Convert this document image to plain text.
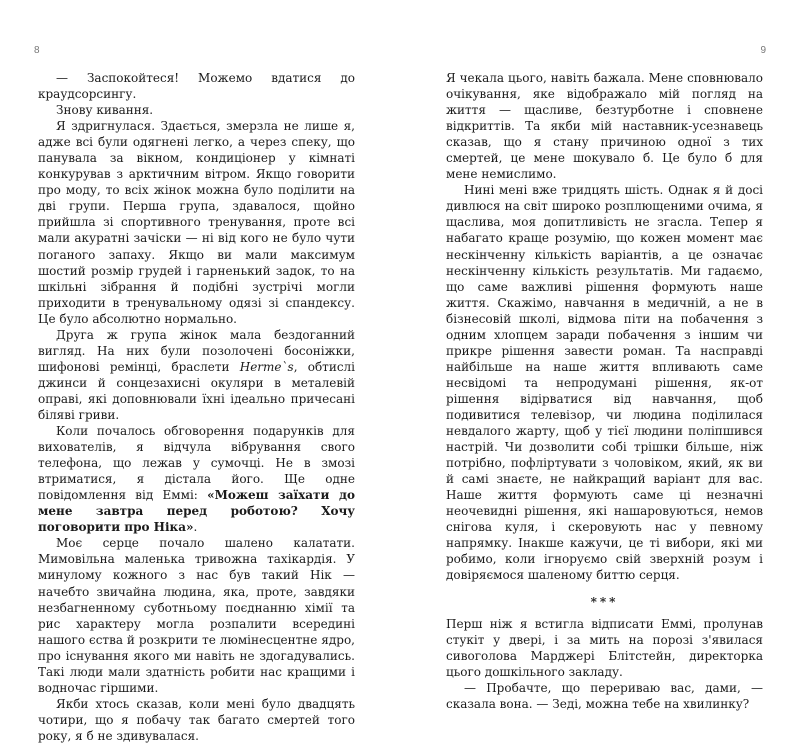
8

— Заспокойтеся! Можемо вдатися до краудсорсингу.

Знову кивання.

Я здригнулася. Здається, змерзла не лише я, адже всі були одягнені легко, а через спеку, що панувала за вікном, кондиціонер у кімнаті конкурував з арктичним вітром. Якщо говорити про моду, то всіх жінок можна було поділити на дві групи. Перша група, здавалося, щойно прийшла зі спортивного тренування, проте всі мали акуратні зачіски — ні від кого не було чути поганого запаху. Якщо ви мали максимум шостий розмір грудей і гарненький задок, то на шкільні зібрання й подібні зустрічі могли приходити в тренувальному одязі зі спандексу. Це було абсолютно нормально.

Друга ж група жінок мала бездоганний вигляд. На них були позолочені босоніжки, шифонові ремінці, браслети Herme`s, обтислі джинси й сонцезахисні окуляри в металевій оправі, які доповнювали їхні ідеально причесані біляві гриви.

Коли почалось обговорення подарунків для вихователів, я відчула вібрування свого телефона, що лежав у сумочці. Не в змозі втриматися, я дістала його. Ще одне повідомлення від Еммі: «Можеш заїхати до мене завтра перед роботою? Хочу поговорити про Ніка».

Моє серце почало шалено калатати. Мимовільна маленька тривожна тахікардія. У минулому кожного з нас був такий Нік — начебто звичайна людина, яка, проте, завдяки незбагненному суботньому поєднанню хімії та рис характеру могла розпалити всередині нашого єства й розкрити те люмінесцентне ядро, про існування якого ми навіть не здогадувались. Такі люди мали здатність робити нас кращими і водночас гіршими.

Якби хтось сказав, коли мені було двадцять чотири, що я побачу так багато смертей того року, я б не здивувалася.

9

Я чекала цього, навіть бажала. Мене сповнювало очікування, яке відображало мій погляд на життя — щасливе, безтурботне і сповнене відкриттів. Та якби мій наставник-усезнавець сказав, що я стану причиною одної з тих смертей, це мене шокувало б. Це було б для мене немислимо.

Нині мені вже тридцять шість. Однак я й досі дивлюся на світ широко розплющеними очима, я щаслива, моя допитливість не згасла. Тепер я набагато краще розумію, що кожен момент має нескінченну кількість варіантів, а це означає нескінченну кількість результатів. Ми гадаємо, що саме важливі рішення формують наше життя. Скажімо, навчання в медичній, а не в бізнесовій школі, відмова піти на побачення з одним хлопцем заради побачення з іншим чи прикре рішення завести роман. Та насправді найбільше на наше життя впливають саме несвідомі та непродумані рішення, як-от рішення відірватися від навчання, щоб подивитися телевізор, чи людина поділилася невдалого жарту, щоб у тієї людини поліпшився настрій. Чи дозволити собі трішки більше, ніж потрібно, пофліртувати з чоловіком, який, як ви й самі знаєте, не найкращий варіант для вас. Наше життя формують саме ці незначні неочевидні рішення, які нашаровуються, немов снігова куля, і скеровують нас у певному напрямку. Інакше кажучи, це ті вибори, які ми робимо, коли ігноруємо свій зверхній розум і довіряємося шаленому биттю серця.

***

Перш ніж я встигла відписати Еммі, пролунав стукіт у двері, і за мить на порозі з'явилася сивоголова Марджері Блітстейн, директорка цього дошкільного закладу.

— Пробачте, що перериваю вас, дами, — сказала вона. — Зеді, можна тебе на хвилинку?
